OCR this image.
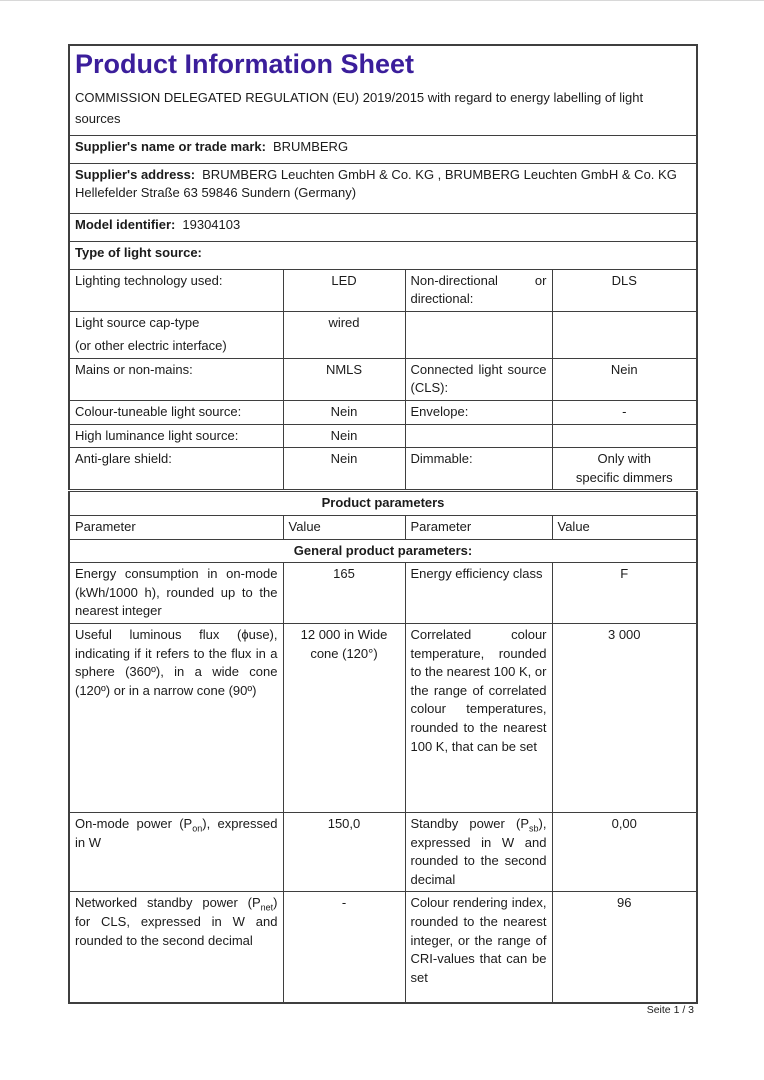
Product Information Sheet
COMMISSION DELEGATED REGULATION (EU) 2019/2015 with regard to energy labelling of light sources			

Supplier's name or trade mark: BRUMBERG			
Supplier's address: BRUMBERG Leuchten GmbH & Co. KG , BRUMBERG Leuchten GmbH & Co. KG Hellefelder Straße 63 59846 Sundern (Germany)			
Model identifier: 19304103			
Type of light source:			
Lighting technology used:	LED	Non-directional or directional:	DLS

Light source cap-type
(or other electric interface)	wired		
Mains or non-mains:	NMLS	Connected light source (CLS):	Nein
Colour-tuneable light source:	Nein	Envelope:	-
High luminance light source:	Nein		
Anti-glare shield:	Nein	Dimmable:	Only with
specific dimmers

Product parameters			
Parameter	Value	Parameter	Value
General product parameters:			
Energy consumption in on-mode (kWh/1000 h), rounded up to the nearest integer	165	Energy efficiency class	F
Useful luminous flux (ϕuse), indicating if it refers to the flux in a sphere (360º), in a wide cone (120º) or in a narrow cone (90º)	12 000 in Wide
cone (120°)	Correlated colour temperature, rounded to the nearest 100 K, or the range of correlated colour temperatures, rounded to the nearest 100 K, that can be set	3 000
On-mode power $(P_{on})$, expressed in W	150,0	Standby power $(P_{sb})$, expressed in W and rounded to the second decimal	0,00
Networked standby power $(P_{net})$ for CLS, expressed in W and rounded to the second decimal	-	Colour rendering index, rounded to the nearest integer, or the range of CRI-values that can be set	96
Seite 1 / 3
